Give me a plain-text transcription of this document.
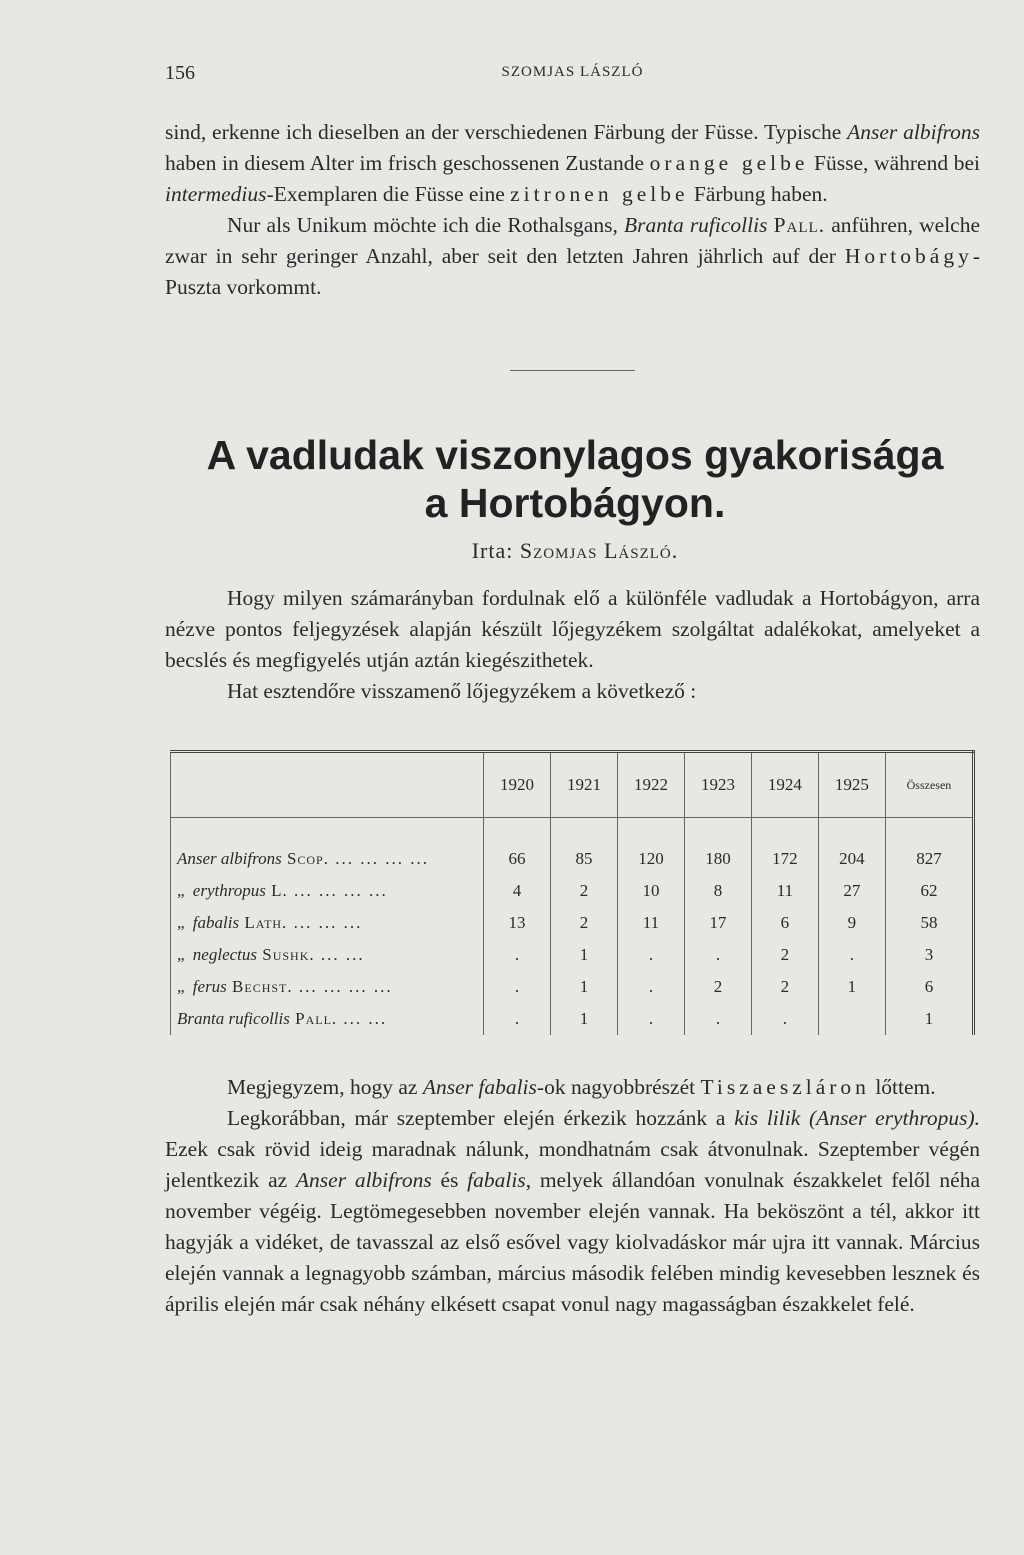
156	SZOMJAS LÁSZLÓ

sind, erkenne ich dieselben an der verschiedenen Färbung der Füsse. Typische Anser albifrons haben in diesem Alter im frisch geschossenen Zustande orange gelbe Füsse, während bei intermedius-Exemplaren die Füsse eine zitronen gelbe Färbung haben.

Nur als Unikum möchte ich die Rothalsgans, Branta ruficollis Pall. anführen, welche zwar in sehr geringer Anzahl, aber seit den letzten Jahren jährlich auf der Hortobágy-Puszta vorkommt.

A vadludak viszonylagos gyakorisága
a Hortobágyon.
Irta: Szomjas László.

Hogy milyen számarányban fordulnak elő a különféle vadludak a Hortobágyon, arra nézve pontos feljegyzések alapján készült lőjegyzékem szolgáltat adalékokat, amelyeket a becslés és megfigyelés utján aztán kiegészithetek.

Hat esztendőre visszamenő lőjegyzékem a következő :

	1920	1921	1922	1923	1924	1925	Összesen
Anser albifrons Scop. ... ... ... ...	66	85	120	180	172	204	827
„ erythropus L. ... ... ... ...	4	2	10	8	11	27	62
„ fabalis Lath. ... ... ...	13	2	11	17	6	9	58
„ neglectus Sushk. ... ...	.	1	.	.	2	.	3
„ ferus Bechst. ... ... ... ...	.	1	.	2	2	1	6
Branta ruficollis Pall. ... ...	.	1	.	.	.		1

Megjegyzem, hogy az Anser fabalis-ok nagyobbrészét Tiszaeszláron lőttem.

Legkorábban, már szeptember elején érkezik hozzánk a kis lilik (Anser erythropus). Ezek csak rövid ideig maradnak nálunk, mondhatnám csak átvonulnak. Szeptember végén jelentkezik az Anser albifrons és fabalis, melyek állandóan vonulnak északkelet felől néha november végéig. Legtömegesebben november elején vannak. Ha beköszönt a tél, akkor itt hagyják a vidéket, de tavasszal az első esővel vagy kiolvadáskor már ujra itt vannak. Március elején vannak a legnagyobb számban, március második felében mindig kevesebben lesznek és április elején már csak néhány elkésett csapat vonul nagy magasságban északkelet felé.
